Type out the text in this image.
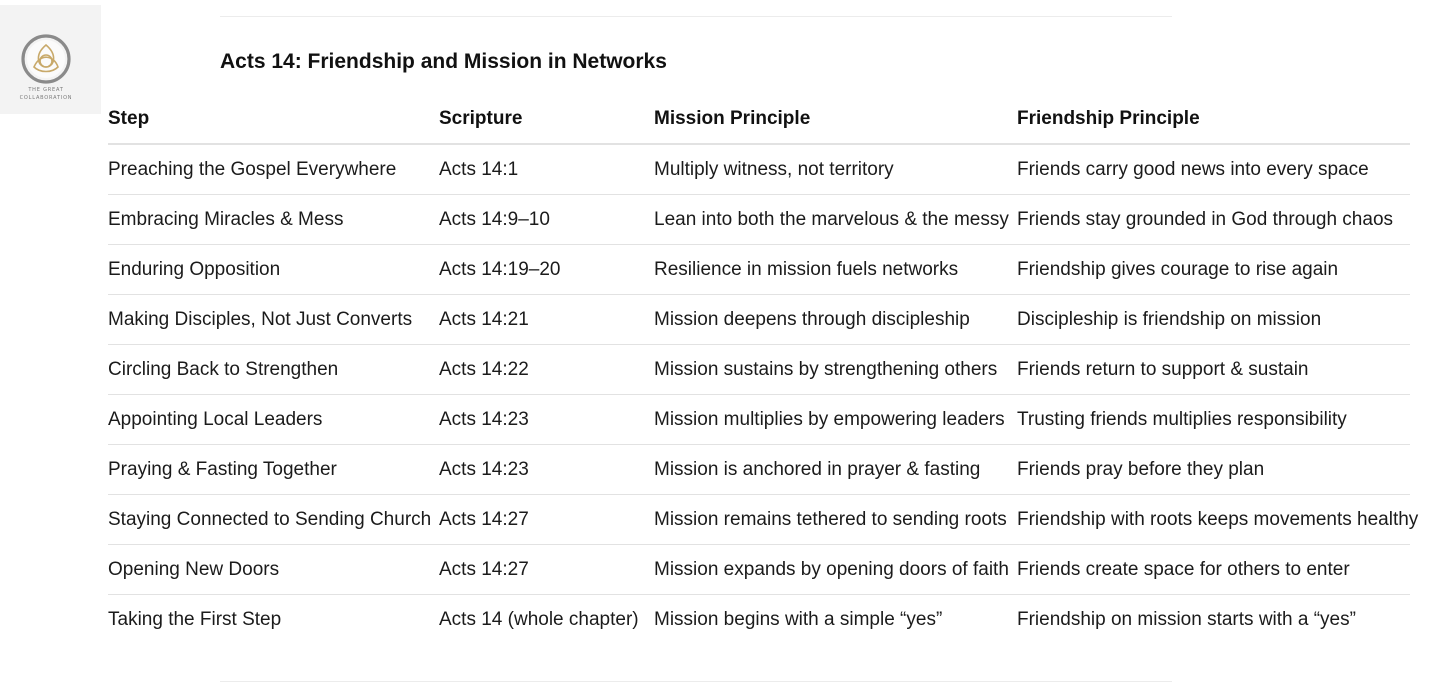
THE GREAT
COLLABORATION
Acts 14: Friendship and Mission in Networks
Step	Scripture	Mission Principle	Friendship Principle
Preaching the Gospel Everywhere	Acts 14:1	Multiply witness, not territory	Friends carry good news into every space
Embracing Miracles & Mess	Acts 14:9–10	Lean into both the marvelous & the messy	Friends stay grounded in God through chaos
Enduring Opposition	Acts 14:19–20	Resilience in mission fuels networks	Friendship gives courage to rise again
Making Disciples, Not Just Converts	Acts 14:21	Mission deepens through discipleship	Discipleship is friendship on mission
Circling Back to Strengthen	Acts 14:22	Mission sustains by strengthening others	Friends return to support & sustain
Appointing Local Leaders	Acts 14:23	Mission multiplies by empowering leaders	Trusting friends multiplies responsibility
Praying & Fasting Together	Acts 14:23	Mission is anchored in prayer & fasting	Friends pray before they plan
Staying Connected to Sending Church	Acts 14:27	Mission remains tethered to sending roots	Friendship with roots keeps movements healthy
Opening New Doors	Acts 14:27	Mission expands by opening doors of faith	Friends create space for others to enter
Taking the First Step	Acts 14 (whole chapter)	Mission begins with a simple “yes”	Friendship on mission starts with a “yes”
